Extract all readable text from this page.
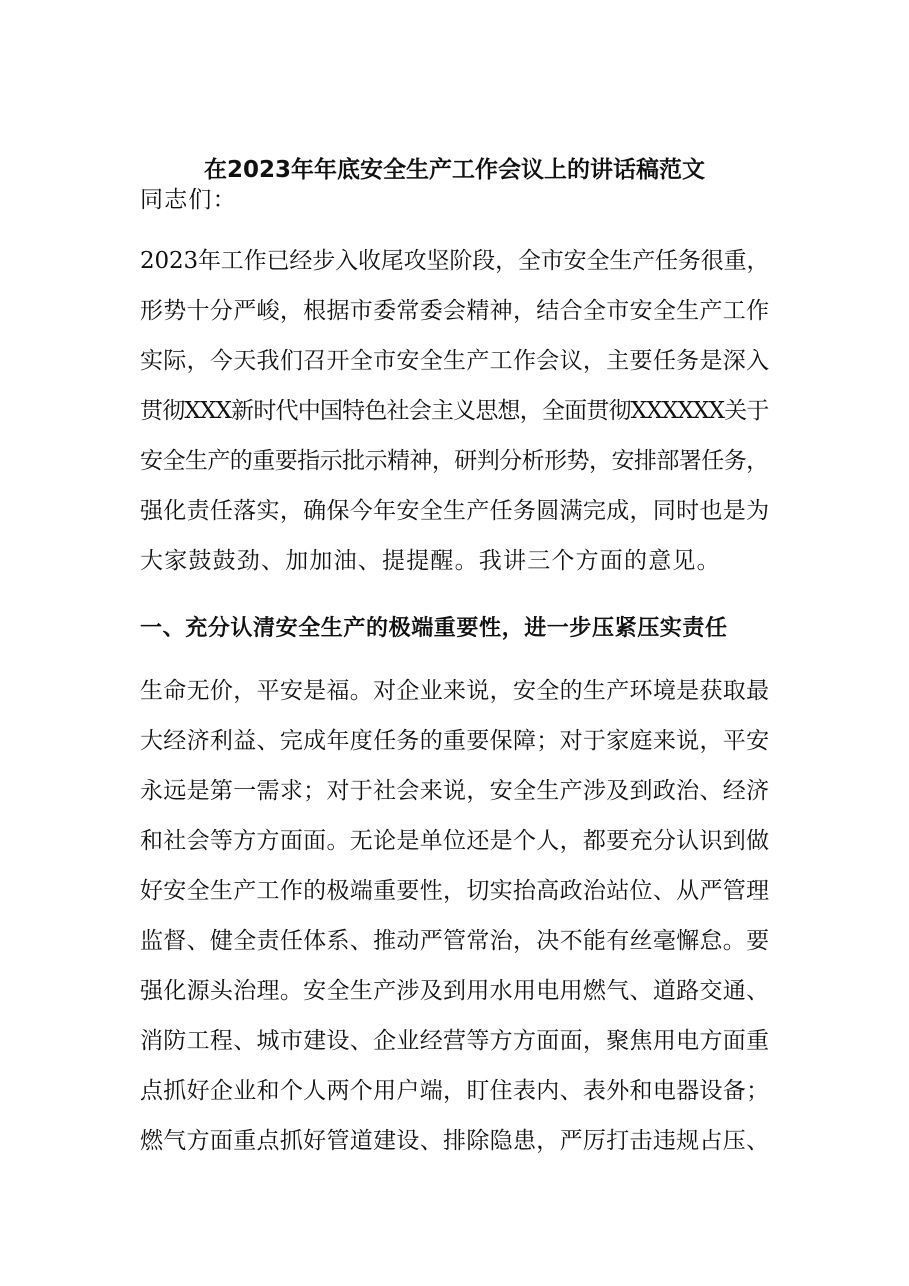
在2023年年底安全生产工作会议上的讲话稿范文
同志们：
2023年工作已经步入收尾攻坚阶段，全市安全生产任务很重，
形势十分严峻，根据市委常委会精神，结合全市安全生产工作
实际，今天我们召开全市安全生产工作会议，主要任务是深入
贯彻XXX新时代中国特色社会主义思想，全面贯彻XXXXXX关于
安全生产的重要指示批示精神，研判分析形势，安排部署任务，
强化责任落实，确保今年安全生产任务圆满完成，同时也是为
大家鼓鼓劲、加加油、提提醒。我讲三个方面的意见。
一、充分认清安全生产的极端重要性，进一步压紧压实责任
生命无价，平安是福。对企业来说，安全的生产环境是获取最
大经济利益、完成年度任务的重要保障；对于家庭来说，平安
永远是第一需求；对于社会来说，安全生产涉及到政治、经济
和社会等方方面面。无论是单位还是个人，都要充分认识到做
好安全生产工作的极端重要性，切实抬高政治站位、从严管理
监督、健全责任体系、推动严管常治，决不能有丝毫懈怠。要
强化源头治理。安全生产涉及到用水用电用燃气、道路交通、
消防工程、城市建设、企业经营等方方面面，聚焦用电方面重
点抓好企业和个人两个用户端，盯住表内、表外和电器设备；
燃气方面重点抓好管道建设、排除隐患，严厉打击违规占压、
